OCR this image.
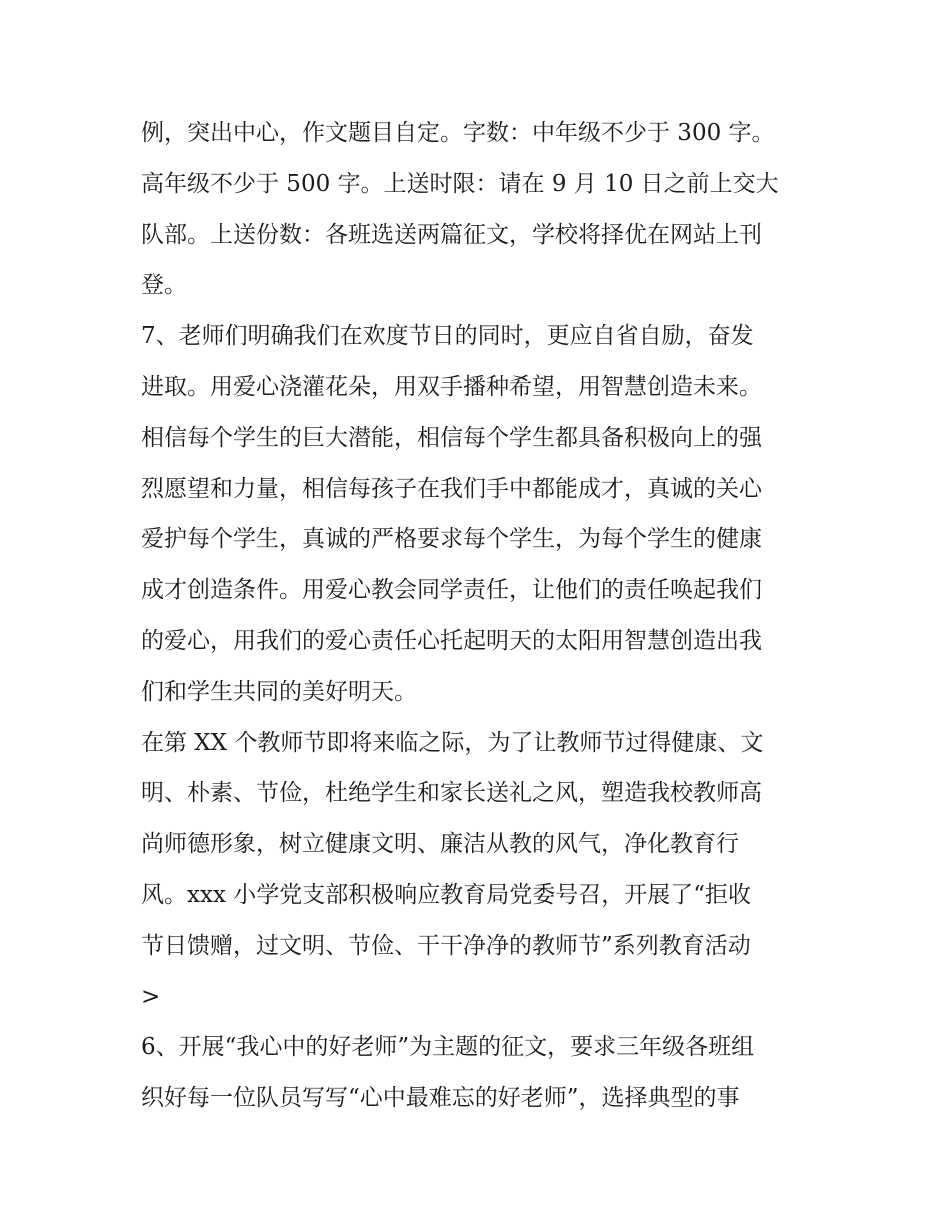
例，突出中心，作文题目自定。字数：中年级不少于 300 字。
高年级不少于 500 字。上送时限：请在 9 月 10 日之前上交大
队部。上送份数：各班选送两篇征文，学校将择优在网站上刊
登。
7、老师们明确我们在欢度节日的同时，更应自省自励，奋发
进取。用爱心浇灌花朵，用双手播种希望，用智慧创造未来。
相信每个学生的巨大潜能，相信每个学生都具备积极向上的强
烈愿望和力量，相信每孩子在我们手中都能成才，真诚的关心
爱护每个学生，真诚的严格要求每个学生，为每个学生的健康
成才创造条件。用爱心教会同学责任，让他们的责任唤起我们
的爱心，用我们的爱心责任心托起明天的太阳用智慧创造出我
们和学生共同的美好明天。
在第 XX 个教师节即将来临之际，为了让教师节过得健康、文
明、朴素、节俭，杜绝学生和家长送礼之风，塑造我校教师高
尚师德形象，树立健康文明、廉洁从教的风气，净化教育行
风。xxx 小学党支部积极响应教育局党委号召，开展了“拒收
节日馈赠，过文明、节俭、干干净净的教师节”系列教育活动
>
6、开展“我心中的好老师”为主题的征文，要求三年级各班组
织好每一位队员写写“心中最难忘的好老师”，选择典型的事
